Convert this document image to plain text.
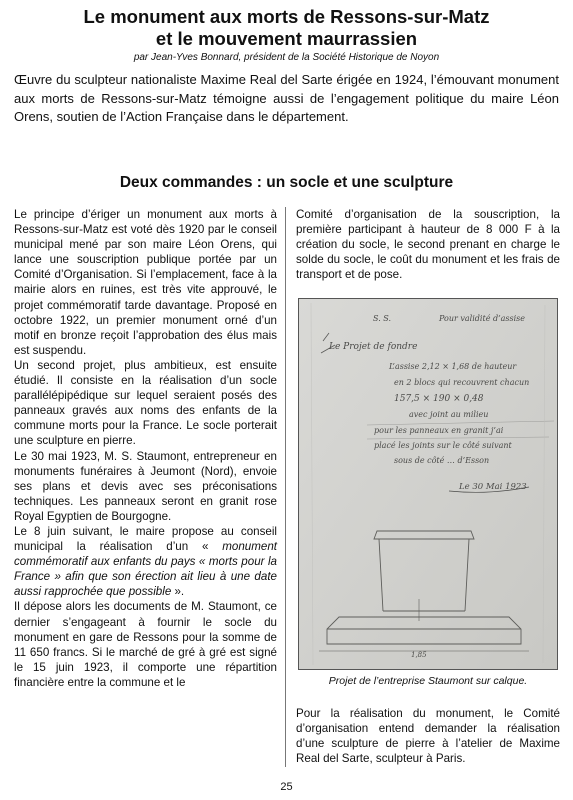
Le monument aux morts de Ressons-sur-Matz
et le mouvement maurrassien
par Jean-Yves Bonnard, président de la Société Historique de Noyon
Œuvre du sculpteur nationaliste Maxime Real del Sarte érigée en 1924, l’émouvant monument aux morts de Ressons-sur-Matz témoigne aussi de l’engagement politique du maire Léon Orens, soutien de l’Action Française dans le département.
Deux commandes : un socle et une sculpture

Le principe d’ériger un monument aux morts à Ressons-sur-Matz est voté dès 1920 par le conseil municipal mené par son maire Léon Orens, qui lance une souscription publique portée par un Comité d’Organisation. Si l’emplacement, face à la mairie alors en ruines, est très vite approuvé, le projet commémoratif tarde davantage. Proposé en octobre 1922, un premier monument orné d’un motif en bronze reçoit l’approbation des élus mais est suspendu.

Un second projet, plus ambitieux, est ensuite étudié. Il consiste en la réalisation d’un socle parallélépipédique sur lequel seraient posés des panneaux gravés aux noms des enfants de la commune morts pour la France. Le socle porterait une sculpture en pierre.

Le 30 mai 1923, M. S. Staumont, entrepreneur en monuments funéraires à Jeumont (Nord), envoie ses plans et devis avec ses préconisations techniques. Les panneaux seront en granit rose Royal Egyptien de Bourgogne.

Le 8 juin suivant, le maire propose au conseil municipal la réalisation d’un « monument commémoratif aux enfants du pays « morts pour la France » afin que son érection ait lieu à une date aussi rapprochée que possible ».

Il dépose alors les documents de M. Staumont, ce dernier s’engageant à fournir le socle du monument en gare de Ressons pour la somme de 11 650 francs. Si le marché de gré à gré est signé le 15 juin 1923, il comporte une répartition financière entre la commune et le

Comité d’organisation de la souscription, la première participant à hauteur de 8 000 F à la création du socle, le second prenant en charge le solde du socle, le coût du monument et les frais de transport et de pose.

S. S.	Pour validité d’assise
Le Projet de fondre
L’assise 2,12 × 1,68 de hauteur
en 2 blocs qui recouvrent chacun
157,5 × 190 × 0,48
avec joint au milieu
pour les panneaux en granit j’ai
placé les joints sur le côté suivant
sous de côté … d’Esson
Le 30 Mai 1923
1,85
Projet de l’entreprise Staumont sur calque.

Pour la réalisation du monument, le Comité d’organisation entend demander la réalisation d’une sculpture de pierre à l’atelier de Maxime Real del Sarte, sculpteur à Paris.

25
